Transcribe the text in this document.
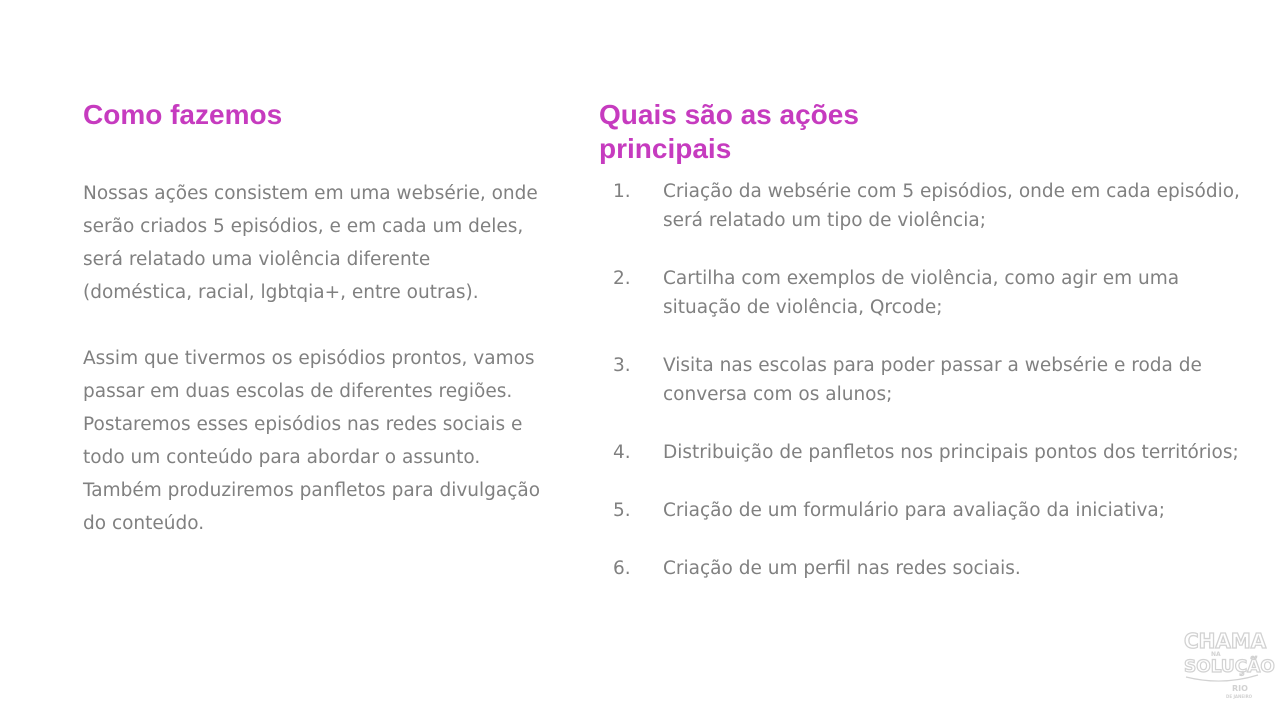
Como fazemos

Nossas ações consistem em uma websérie, onde serão criados 5 episódios, e em cada um deles, será relatado uma violência diferente (doméstica, racial, lgbtqia+, entre outras).

Assim que tivermos os episódios prontos, vamos passar em duas escolas de diferentes regiões. Postaremos esses episódios nas redes sociais e todo um conteúdo para abordar o assunto. Também produziremos panfletos para divulgação do conteúdo.

Quais são as ações principais
1.	Criação da websérie com 5 episódios, onde em cada episódio, será relatado um tipo de violência;
2.	Cartilha com exemplos de violência, como agir em uma situação de violência, Qrcode;
3.	Visita nas escolas para poder passar a websérie e roda de conversa com os alunos;
4.	Distribuição de panfletos nos principais pontos dos territórios;
5.	Criação de um formulário para avaliação da iniciativa;
6.	Criação de um perfil nas redes sociais.
CHAMA
NA
SOLUÇÃO
RIO
DE JANEIRO
